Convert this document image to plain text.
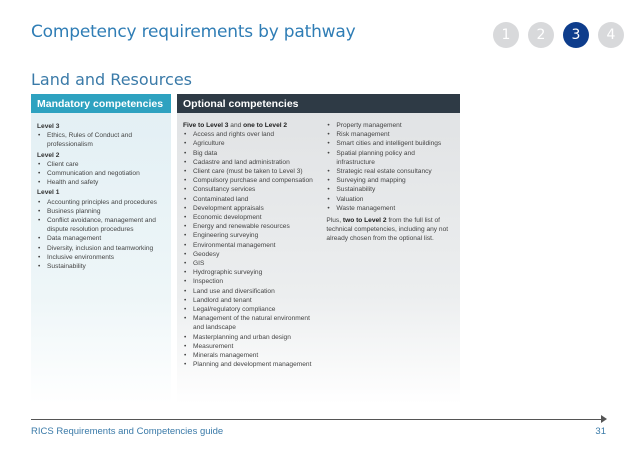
Competency requirements by pathway	1	2	3	4
Land and Resources
Mandatory competencies
Level 3
• Ethics, Rules of Conduct and professionalism
Level 2
• Client care
• Communication and negotiation
• Health and safety
Level 1
• Accounting principles and procedures
• Business planning
• Conflict avoidance, management and dispute resolution procedures
• Data management
• Diversity, inclusion and teamworking
• Inclusive environments
• Sustainability
Optional competencies
Five to Level 3 and one to Level 2
• Access and rights over land
• Agriculture
• Big data
• Cadastre and land administration
• Client care (must be taken to Level 3)
• Compulsory purchase and compensation
• Consultancy services
• Contaminated land
• Development appraisals
• Economic development
• Energy and renewable resources
• Engineering surveying
• Environmental management
• Geodesy
• GIS
• Hydrographic surveying
• Inspection
• Land use and diversification
• Landlord and tenant
• Legal/regulatory compliance
• Management of the natural environment and landscape
• Masterplanning and urban design
• Measurement
• Minerals management
• Planning and development management
• Property management
• Risk management
• Smart cities and intelligent buildings
• Spatial planning policy and infrastructure
• Strategic real estate consultancy
• Surveying and mapping
• Sustainability
• Valuation
• Waste management
Plus, two to Level 2 from the full list of technical competencies, including any not already chosen from the optional list.
RICS Requirements and Competencies guide	31
